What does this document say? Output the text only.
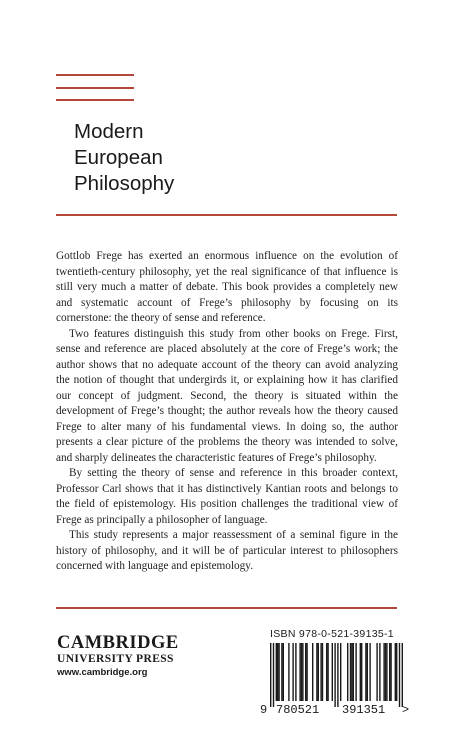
Modern
European
Philosophy

Gottlob Frege has exerted an enormous influence on the evolution of twentieth-century philosophy, yet the real significance of that influence is still very much a matter of debate. This book provides a completely new and systematic account of Frege’s philosophy by focusing on its cornerstone: the theory of sense and reference.

Two features distinguish this study from other books on Frege. First, sense and reference are placed absolutely at the core of Frege’s work; the author shows that no adequate account of the theory can avoid analyzing the notion of thought that undergirds it, or explaining how it has clarified our concept of judgment. Second, the theory is situated within the development of Frege’s thought; the author reveals how the theory caused Frege to alter many of his fundamental views. In doing so, the author presents a clear picture of the problems the theory was intended to solve, and sharply delineates the characteristic features of Frege’s philosophy.

By setting the theory of sense and reference in this broader context, Professor Carl shows that it has distinctively Kantian roots and belongs to the field of epistemology. His position challenges the traditional view of Frege as principally a philosopher of language.

This study represents a major reassessment of a seminal figure in the history of philosophy, and it will be of particular interest to philosophers concerned with language and epistemology.

CAMBRIDGE
UNIVERSITY PRESS
www.cambridge.org
ISBN 978-0-521-39135-1
9 780521 391351 >
